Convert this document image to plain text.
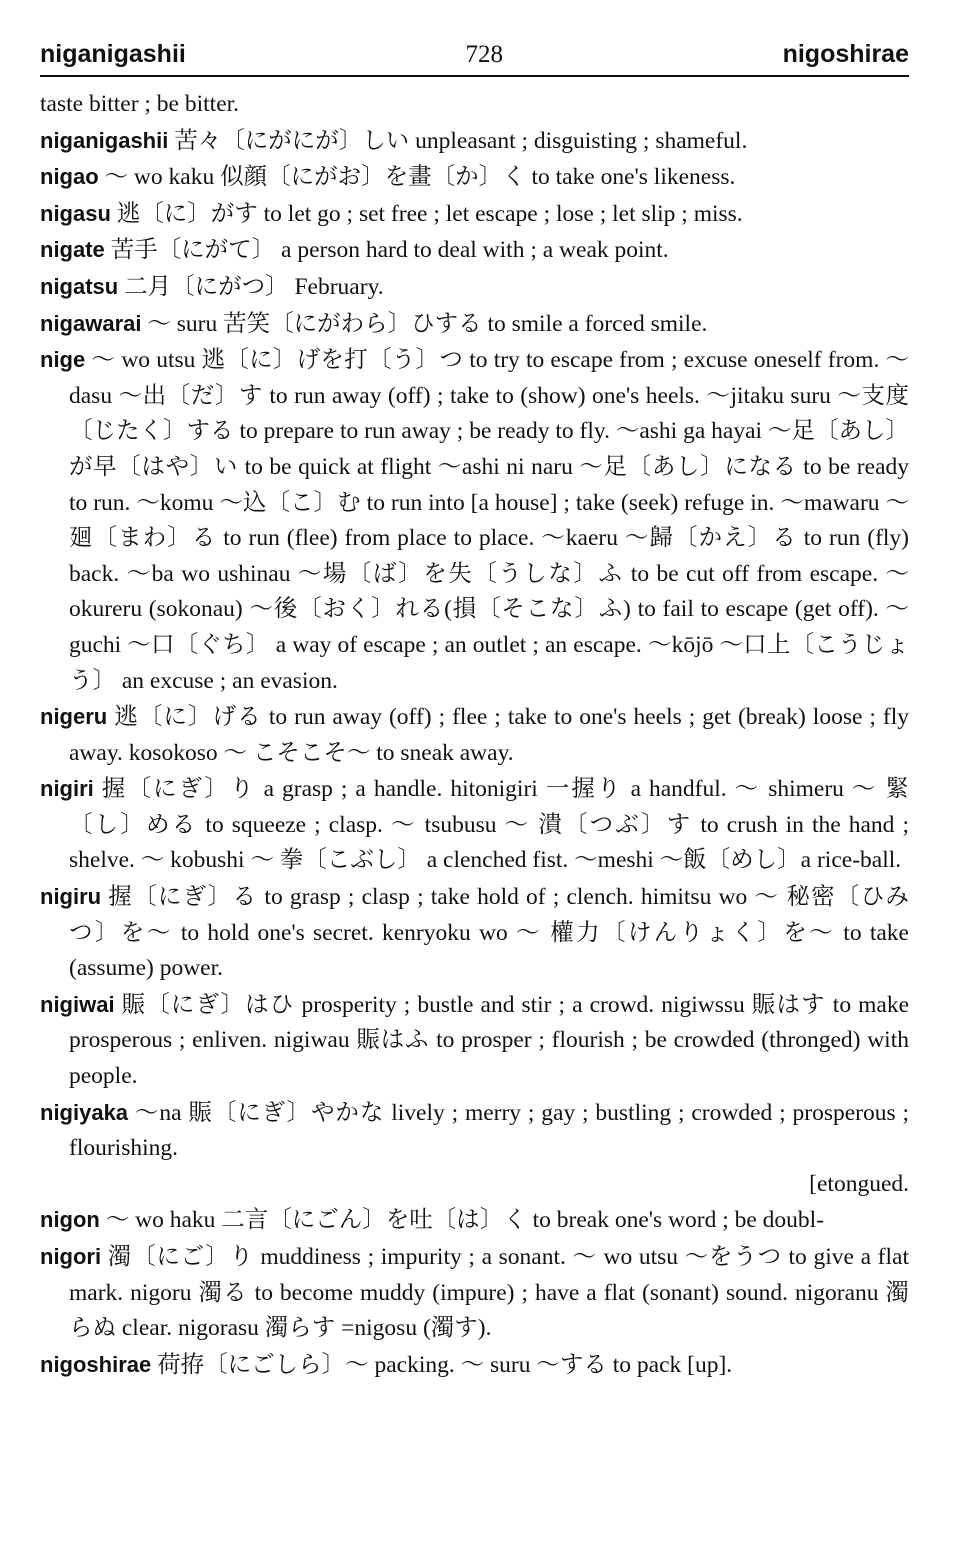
niganigashii	728	nigoshirae

taste bitter ; be bitter.

niganigashii 苦々〔にがにが〕しい unpleasant ; disguisting ; shameful.

nigao ～ wo kaku 似顔〔にがお〕を畫〔か〕く to take one's likeness.

nigasu 逃〔に〕がす to let go ; set free ; let escape ; lose ; let slip ; miss.

nigate 苦手〔にがて〕 a person hard to deal with ; a weak point.

nigatsu 二月〔にがつ〕 February.

nigawarai ～ suru 苦笑〔にがわら〕ひする to smile a forced smile.

nige ～ wo utsu 逃〔に〕げを打〔う〕つ to try to escape from ; excuse oneself from. ～dasu ～出〔だ〕す to run away (off) ; take to (show) one's heels. ～jitaku suru ～支度〔じたく〕する to prepare to run away ; be ready to fly. ～ashi ga hayai ～足〔あし〕が早〔はや〕い to be quick at flight ～ashi ni naru ～足〔あし〕になる to be ready to run. ～komu ～込〔こ〕む to run into [a house] ; take (seek) refuge in. ～mawaru ～廻〔まわ〕る to run (flee) from place to place. ～kaeru ～歸〔かえ〕る to run (fly) back. ～ba wo ushinau ～場〔ば〕を失〔うしな〕ふ to be cut off from escape. ～okureru (sokonau) ～後〔おく〕れる(損〔そこな〕ふ) to fail to escape (get off). ～guchi ～口〔ぐち〕 a way of escape ; an outlet ; an escape. ～kōjō ～口上〔こうじょう〕 an excuse ; an evasion.

nigeru 逃〔に〕げる to run away (off) ; flee ; take to one's heels ; get (break) loose ; fly away. kosokoso ～ こそこそ～ to sneak away.

nigiri 握〔にぎ〕り a grasp ; a handle. hitonigiri 一握り a handful. ～ shimeru ～ 緊〔し〕める to squeeze ; clasp. ～ tsubusu ～ 潰〔つぶ〕す to crush in the hand ; shelve. ～ kobushi ～ 拳〔こぶし〕 a clenched fist. ～meshi ～飯〔めし〕a rice-ball.

nigiru 握〔にぎ〕る to grasp ; clasp ; take hold of ; clench. himitsu wo ～ 秘密〔ひみつ〕を～ to hold one's secret. kenryoku wo ～ 權力〔けんりょく〕を～ to take (assume) power.

nigiwai 賑〔にぎ〕はひ prosperity ; bustle and stir ; a crowd. nigiwssu 賑はす to make prosperous ; enliven. nigiwau 賑はふ to prosper ; flourish ; be crowded (thronged) with people.

nigiyaka ～na 賑〔にぎ〕やかな lively ; merry ; gay ; bustling ; crowded ; prosperous ; flourishing.

[etongued.

nigon ～ wo haku 二言〔にごん〕を吐〔は〕く to break one's word ; be doubl-

nigori 濁〔にご〕り muddiness ; impurity ; a sonant. ～ wo utsu ～をうつ to give a flat mark. nigoru 濁る to become muddy (impure) ; have a flat (sonant) sound. nigoranu 濁らぬ clear. nigorasu 濁らす =nigosu (濁す).

nigoshirae 荷拵〔にごしら〕～ packing. ～ suru ～する to pack [up].
